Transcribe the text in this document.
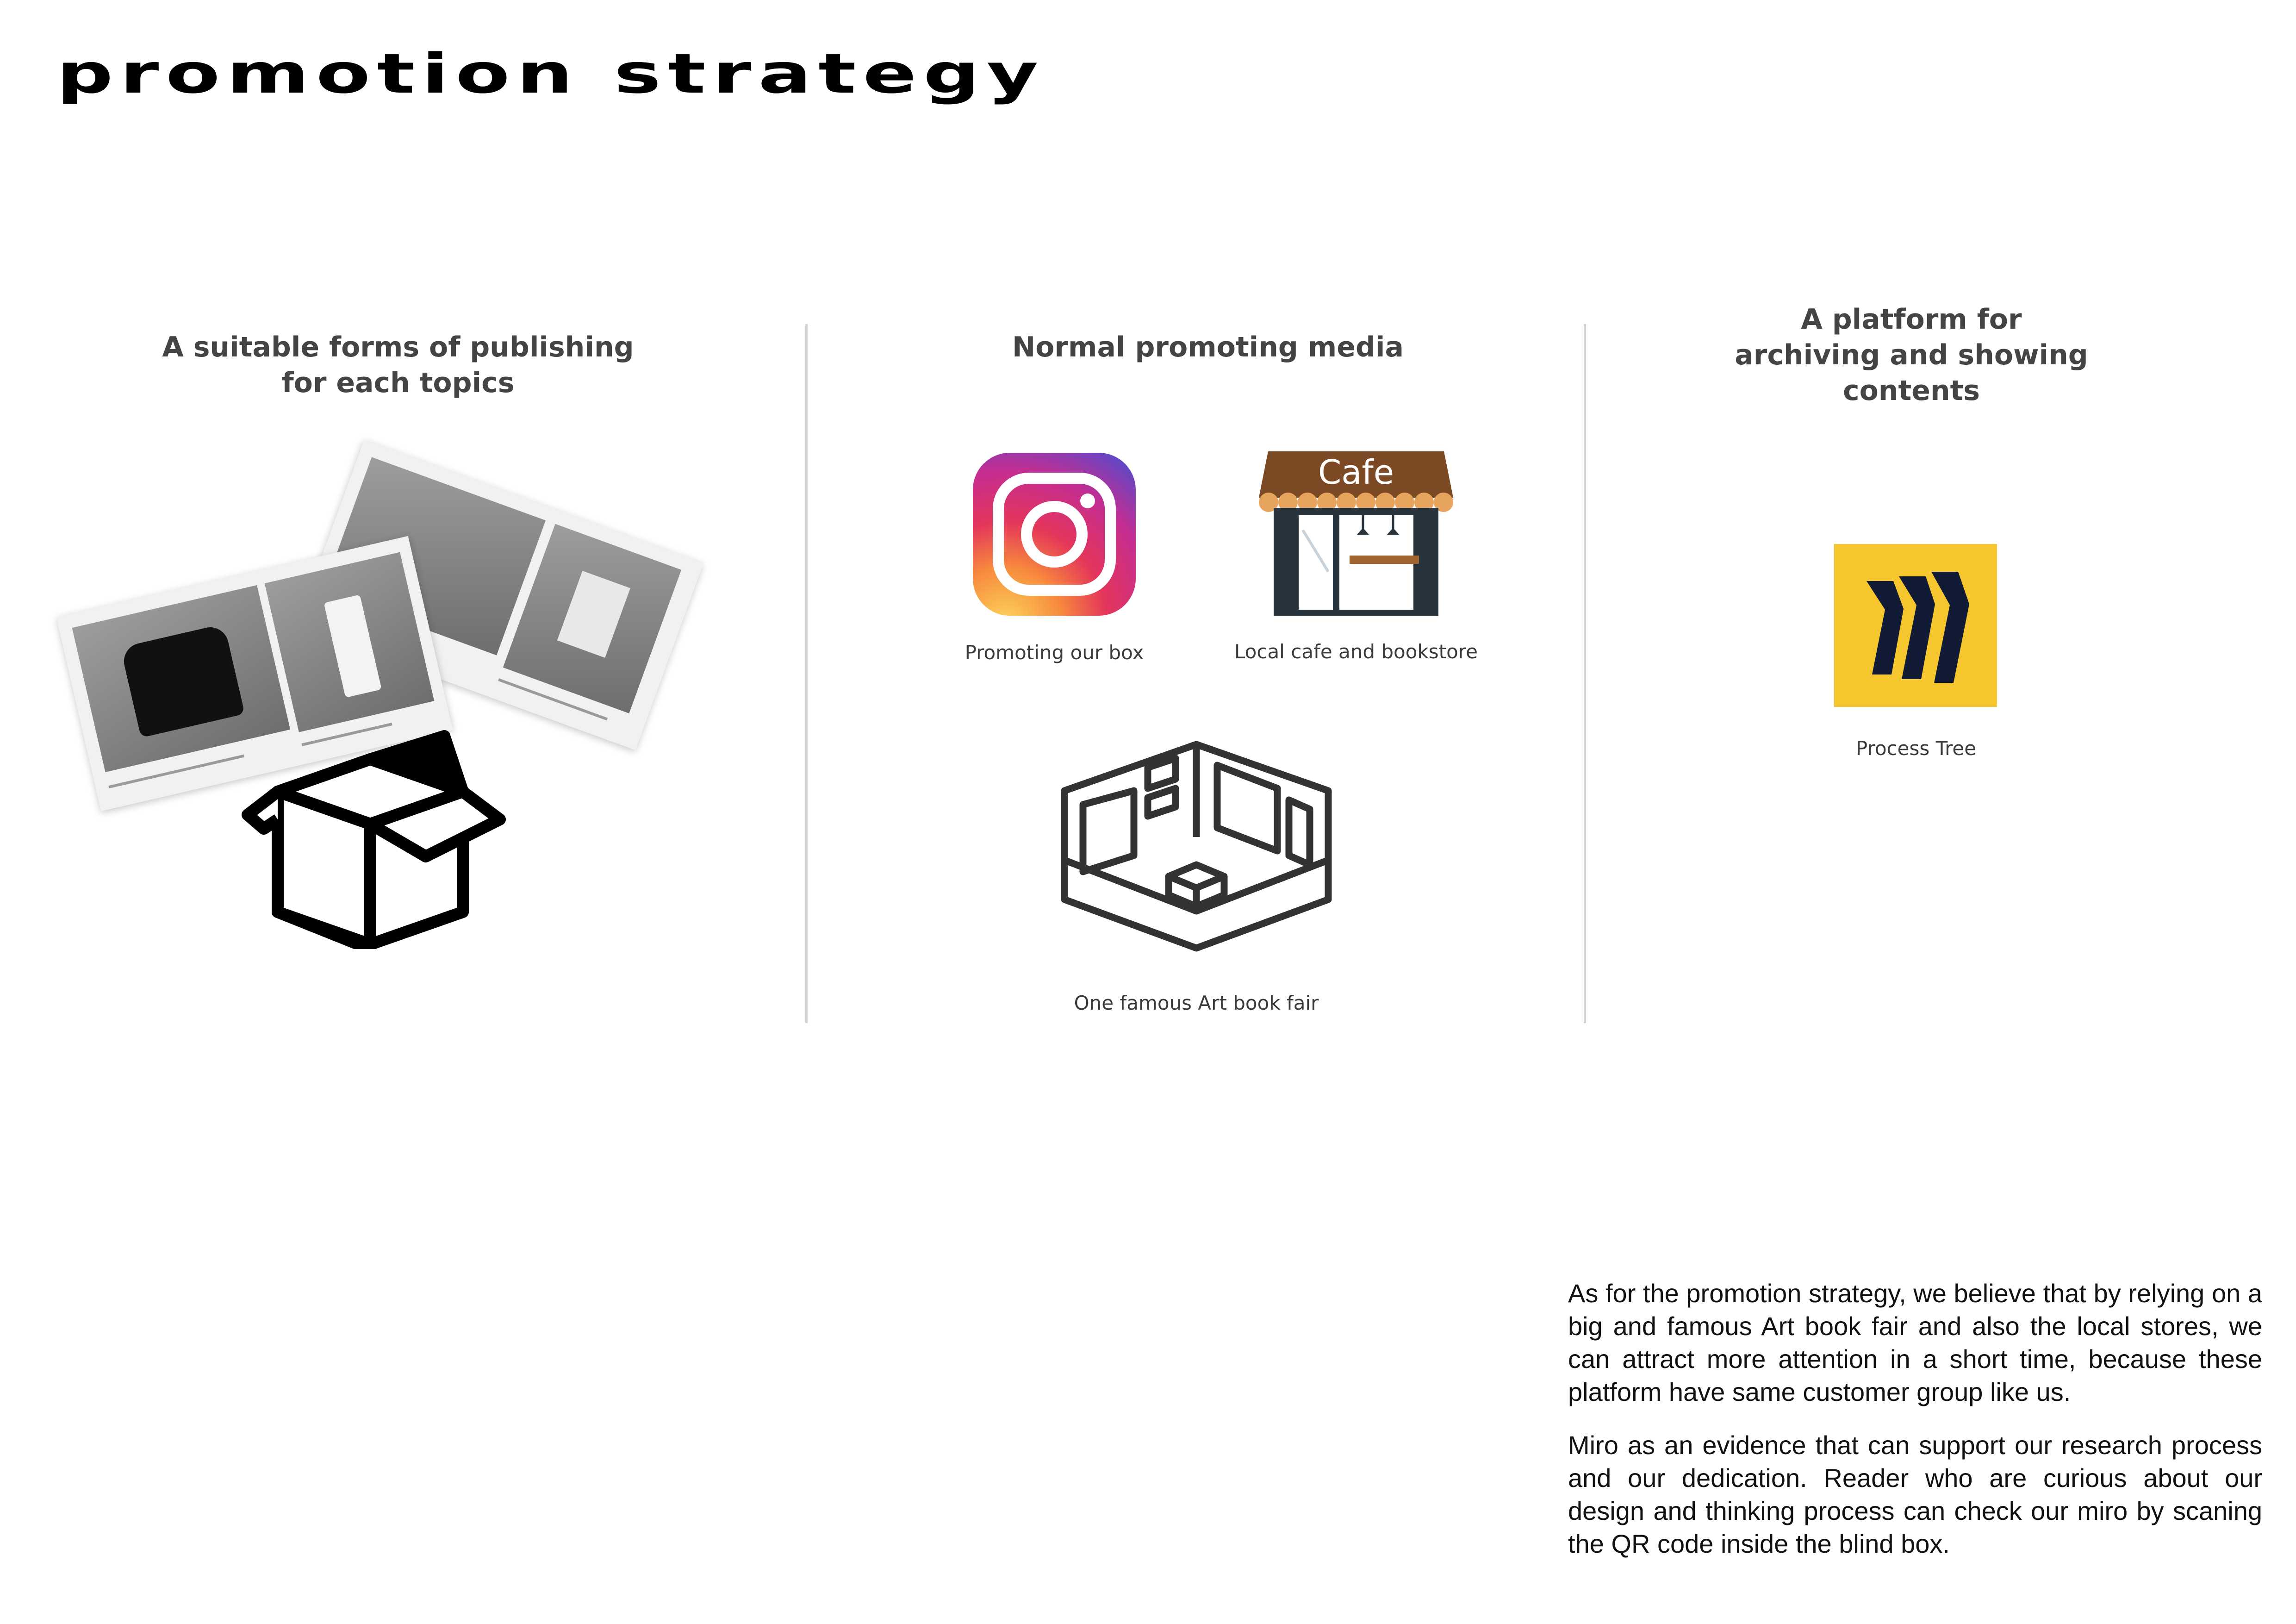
promotion strategy
A suitable forms of publishing
for each topics
Normal promoting media
Promoting our box
Cafe
Local cafe and bookstore
One famous Art book fair
A platform for
archiving and showing
contents
Process Tree

As for the promotion strategy, we believe that by relying on a big and famous Art book fair and also the local stores, we can attract more attention in a short time, because these platform have same customer group like us.

Miro as an evidence that can support our research process and our dedication. Reader who are curious about our design and thinking process can check our miro by scaning the QR code inside the blind box.
